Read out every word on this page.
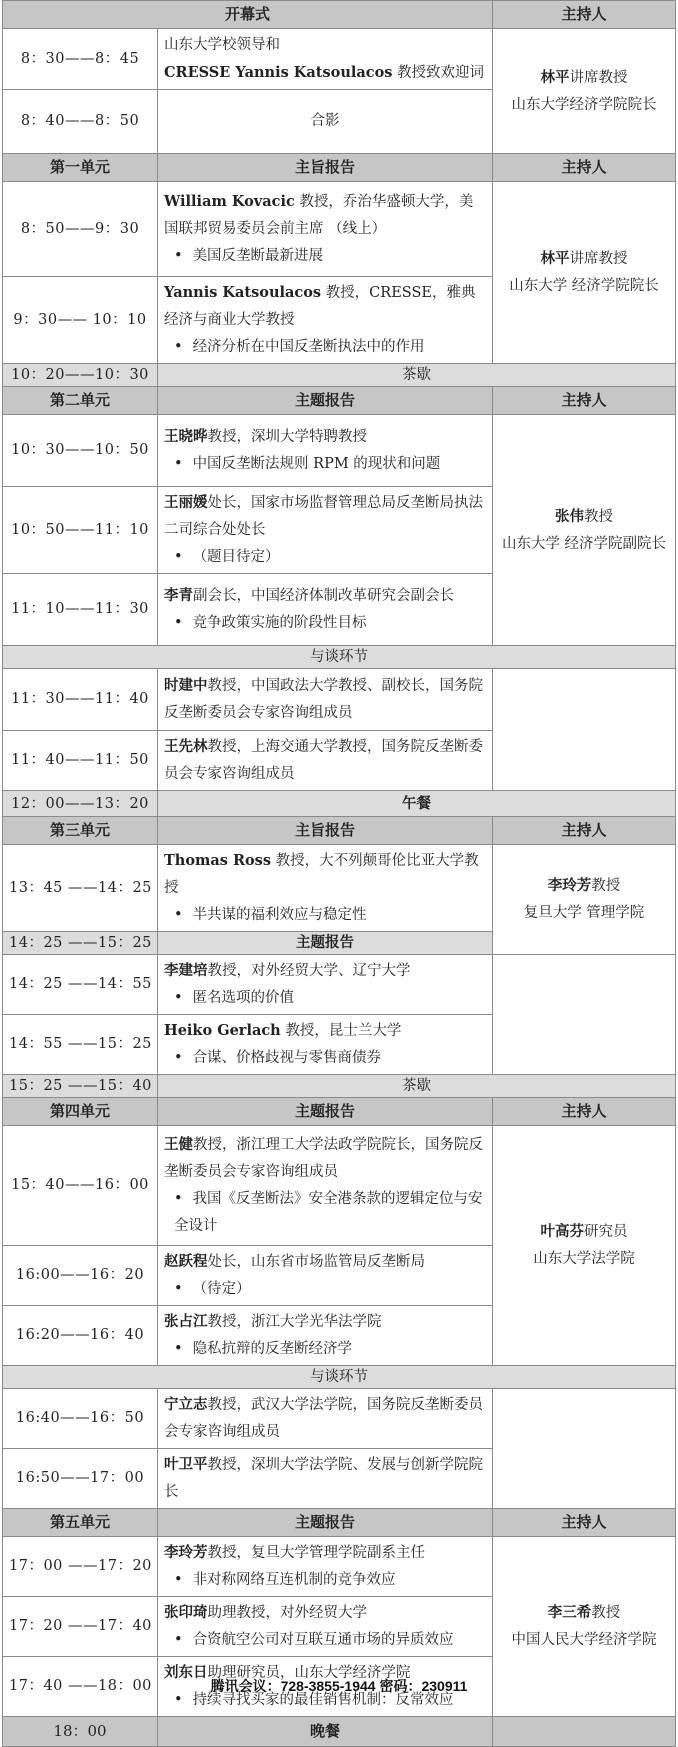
开幕式		主持人
8：30——8：45	山东大学校领导和
CRESSE Yannis Katsoulacos 教授致欢迎词	林平讲席教授
山东大学经济学院院长
8：40——8：50	合影	

第一单元	主旨报告	主持人
8：50——9：30	William Kovacic 教授，乔治华盛顿大学，美国联邦贸易委员会前主席 （线上）
• 美国反垄断最新进展	林平讲席教授
山东大学 经济学院院长
9：30—— 10：10	Yannis Katsoulacos 教授，CRESSE，雅典经济与商业大学教授
• 经济分析在中国反垄断执法中的作用

10：20——10：30	茶歇	
第二单元	主题报告	主持人
10：30——10：50	王晓晔教授，深圳大学特聘教授
• 中国反垄断法规则 RPM 的现状和问题	张伟教授
山东大学 经济学院副院长
10：50——11：10	王丽媛处长，国家市场监督管理总局反垄断局执法二司综合处处长
• （题目待定）

11：10——11：30	李青副会长，中国经济体制改革研究会副会长
• 竞争政策实施的阶段性目标

与谈环节		
11：30——11：40	时建中教授，中国政法大学教授、副校长，国务院反垄断委员会专家咨询组成员	
11：40——11：50	王先林教授，上海交通大学教授，国务院反垄断委员会专家咨询组成员	
12：00——13：20	午餐	
第三单元	主旨报告	主持人
13：45 ——14：25	Thomas Ross 教授，大不列颠哥伦比亚大学教授
• 半共谋的福利效应与稳定性	李玲芳教授
复旦大学 管理学院
14：25 ——15：25	主题报告	
14：25 ——14：55	李建培教授，对外经贸大学、辽宁大学
• 匿名选项的价值

14：55 ——15：25	Heiko Gerlach 教授，昆士兰大学
• 合谋、价格歧视与零售商债券

15：25 ——15：40	茶歇	
第四单元	主题报告	主持人
15：40——16：00	王健教授，浙江理工大学法政学院院长，国务院反垄断委员会专家咨询组成员
• 我国《反垄断法》安全港条款的逻辑定位与安全设计	叶高芬研究员
山东大学法学院
16:00——16：20	赵跃程处长，山东省市场监管局反垄断局
• （待定）

16:20——16：40	张占江教授，浙江大学光华法学院
• 隐私抗辩的反垄断经济学

与谈环节		
16:40——16：50	宁立志教授，武汉大学法学院，国务院反垄断委员会专家咨询组成员	
16:50——17：00	叶卫平教授，深圳大学法学院、发展与创新学院院长	
第五单元	主题报告	主持人
17：00 ——17：20	李玲芳教授，复旦大学管理学院副系主任
• 非对称网络互连机制的竞争效应	李三希教授
中国人民大学经济学院
17：20 ——17：40	张印琦助理教授，对外经贸大学
• 合资航空公司对互联互通市场的异质效应

17：40 ——18：00	刘东日助理研究员，山东大学经济学院
• 持续寻找买家的最佳销售机制：反常效应

18：00	晚餐	
腾讯会议：728-3855-1944 密码：230911
